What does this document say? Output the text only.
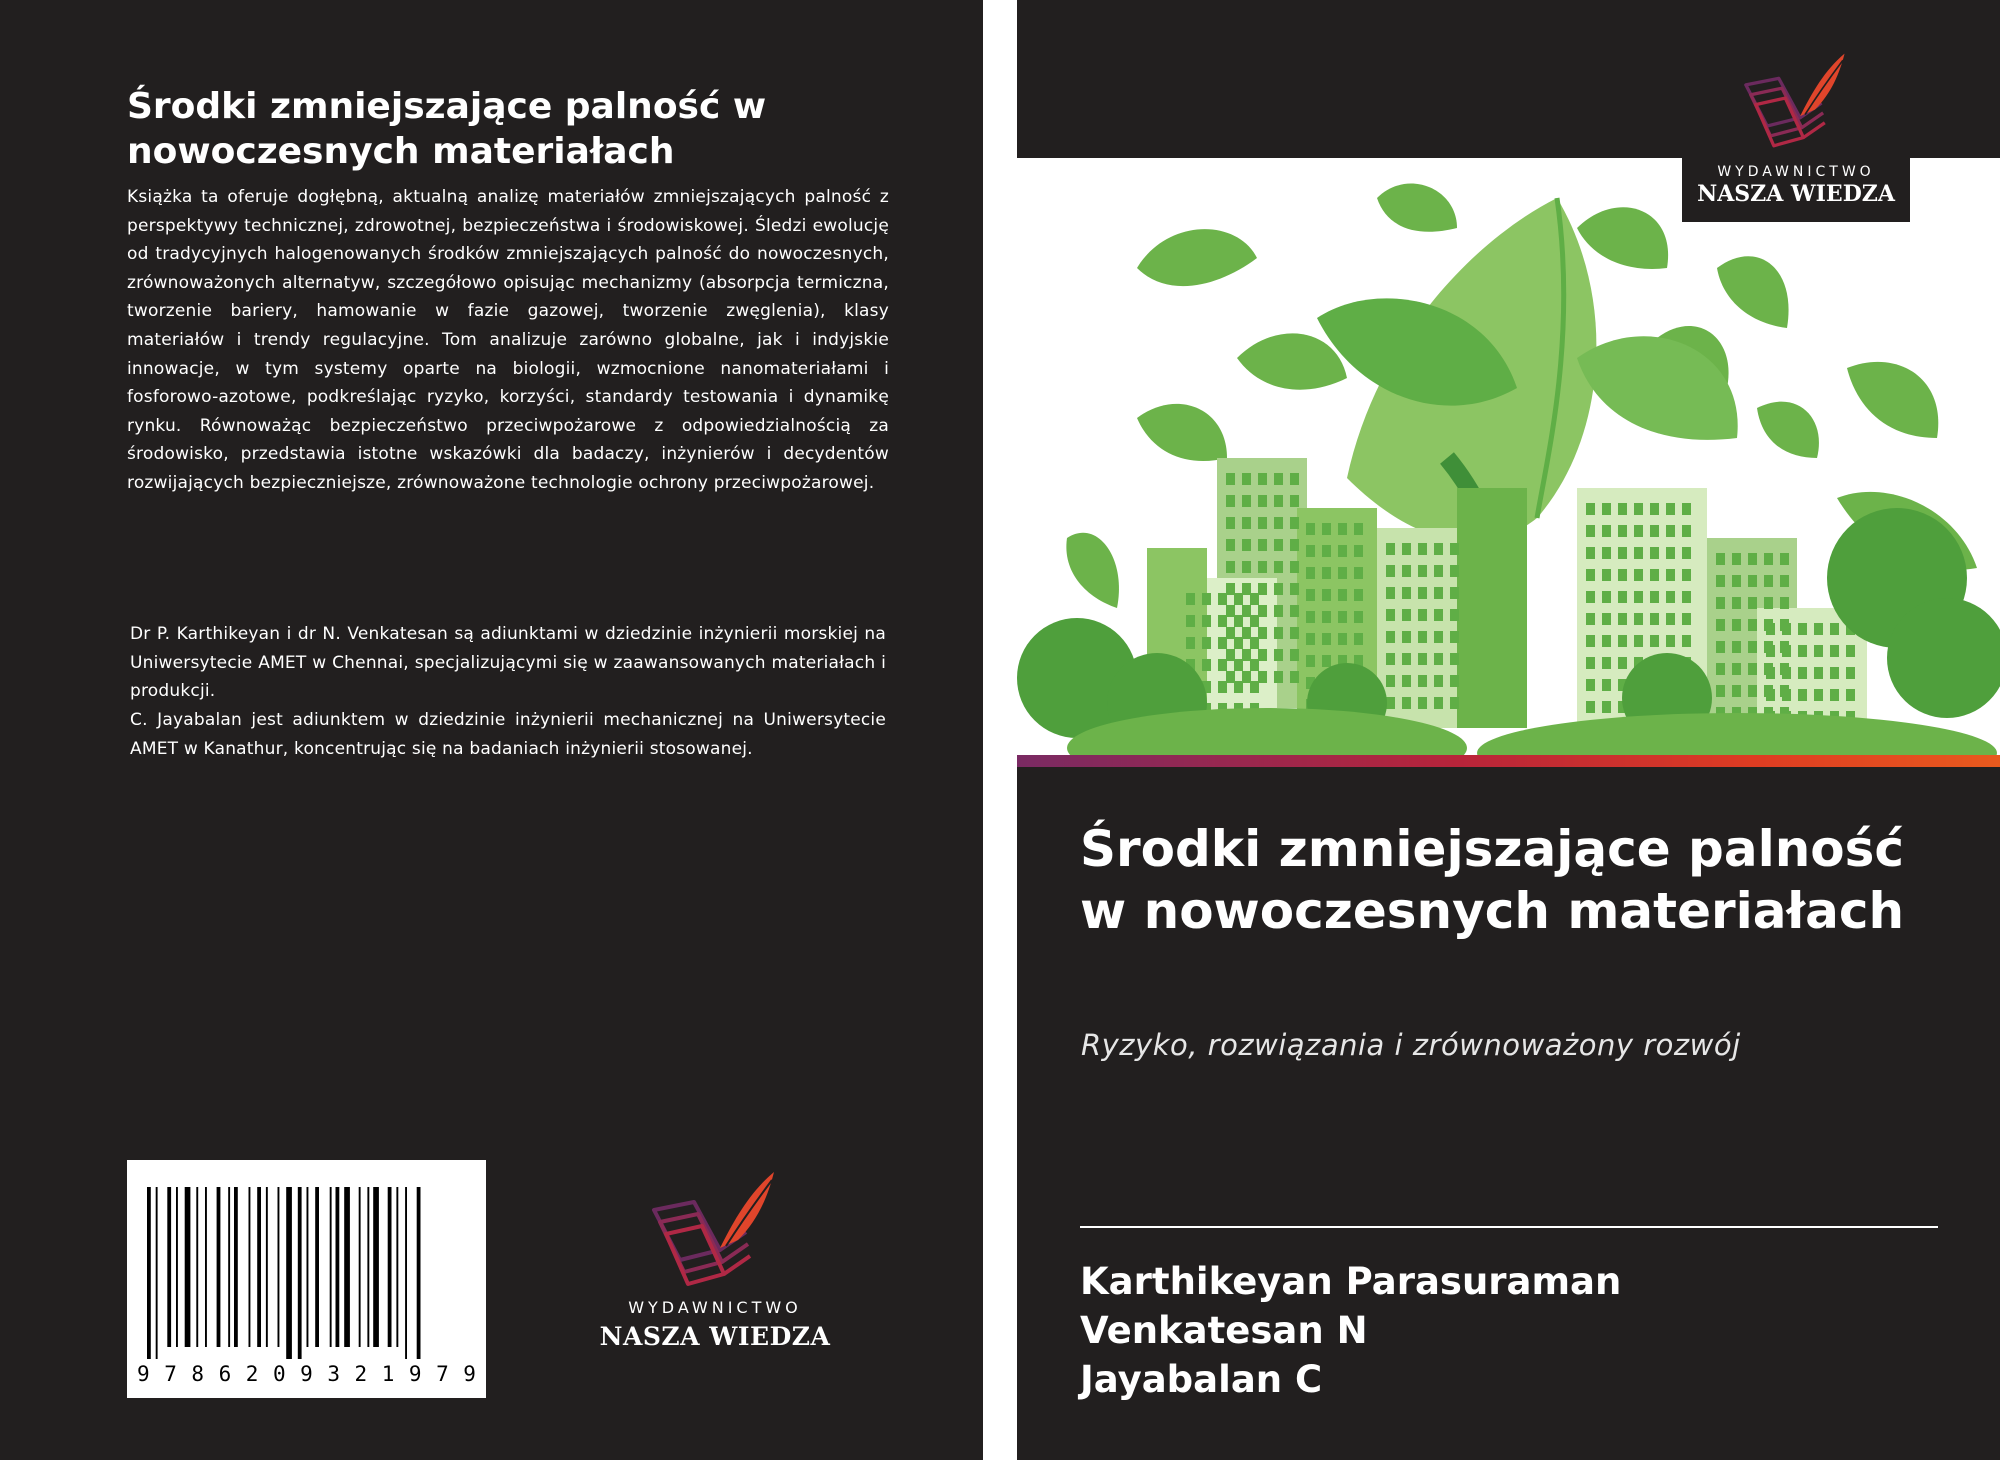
Środki zmniejszające palność w nowoczesnych materiałach

Książka ta oferuje dogłębną, aktualną analizę materiałów zmniejszających palność z perspektywy technicznej, zdrowotnej, bezpieczeństwa i środowiskowej. Śledzi ewolucję od tradycyjnych halogenowanych środków zmniejszających palność do nowoczesnych, zrównoważonych alternatyw, szczegółowo opisując mechanizmy (absorpcja termiczna, tworzenie bariery, hamowanie w fazie gazowej, tworzenie zwęglenia), klasy materiałów i trendy regulacyjne. Tom analizuje zarówno globalne, jak i indyjskie innowacje, w tym systemy oparte na biologii, wzmocnione nanomateriałami i fosforowo-azotowe, podkreślając ryzyko, korzyści, standardy testowania i dynamikę rynku. Równoważąc bezpieczeństwo przeciwpożarowe z odpowiedzialnością za środowisko, przedstawia istotne wskazówki dla badaczy, inżynierów i decydentów rozwijających bezpieczniejsze, zrównoważone technologie ochrony przeciwpożarowej.

Dr P. Karthikeyan i dr N. Venkatesan są adiunktami w dziedzinie inżynierii morskiej na Uniwersytecie AMET w Chennai, specjalizującymi się w zaawansowanych materiałach i produkcji.

C. Jayabalan jest adiunktem w dziedzinie inżynierii mechanicznej na Uniwersytecie AMET w Kanathur, koncentrując się na badaniach inżynierii stosowanej.

9 7 8 6 2 0 9 3 2 1 9 7 9
WYDAWNICTWO
NASZA WIEDZA
WYDAWNICTWO
NASZA WIEDZA
Środki zmniejszające palność w nowoczesnych materiałach

Ryzyko, rozwiązania i zrównoważony rozwój

Karthikeyan Parasuraman

Venkatesan N

Jayabalan C
